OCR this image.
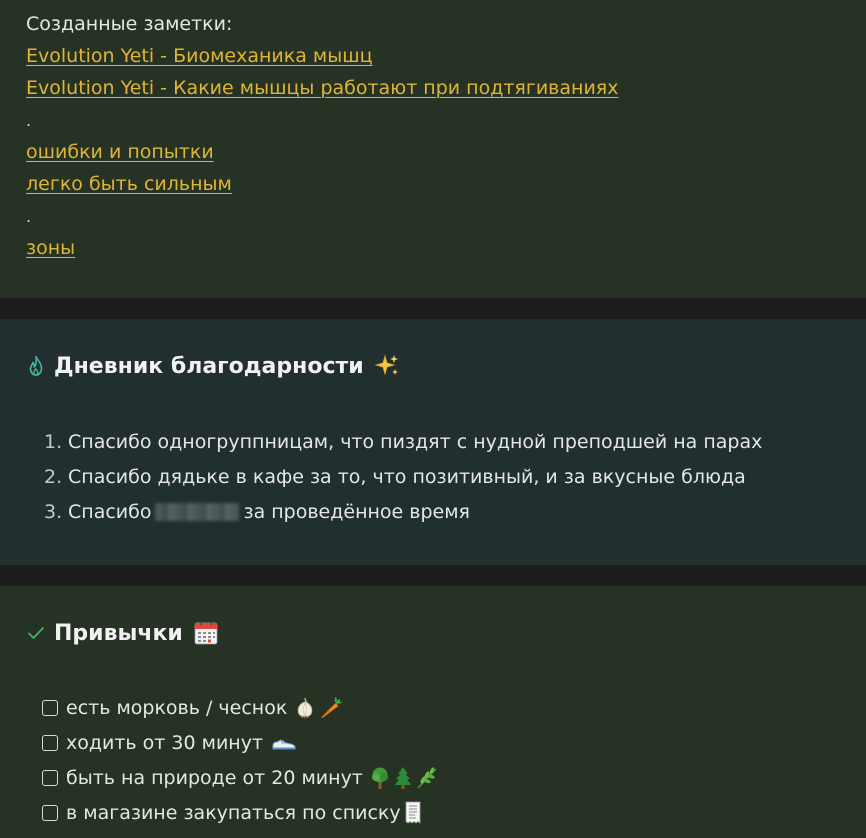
Созданные заметки:
Evolution Yeti - Биомеханика мышц
Evolution Yeti - Какие мышцы работают при подтягиваниях
.
ошибки и попытки
легко быть сильным
.
зоны
Дневник благодарности
1. Спасибо одногруппницам, что пиздят с нудной преподшей на парах
2. Спасибо дядьке в кафе за то, что позитивный, и за вкусные блюда
3. Спасибо	за проведённое время
Привычки
есть морковь / чеснок
ходить от 30 минут
быть на природе от 20 минут
в магазине закупаться по списку
